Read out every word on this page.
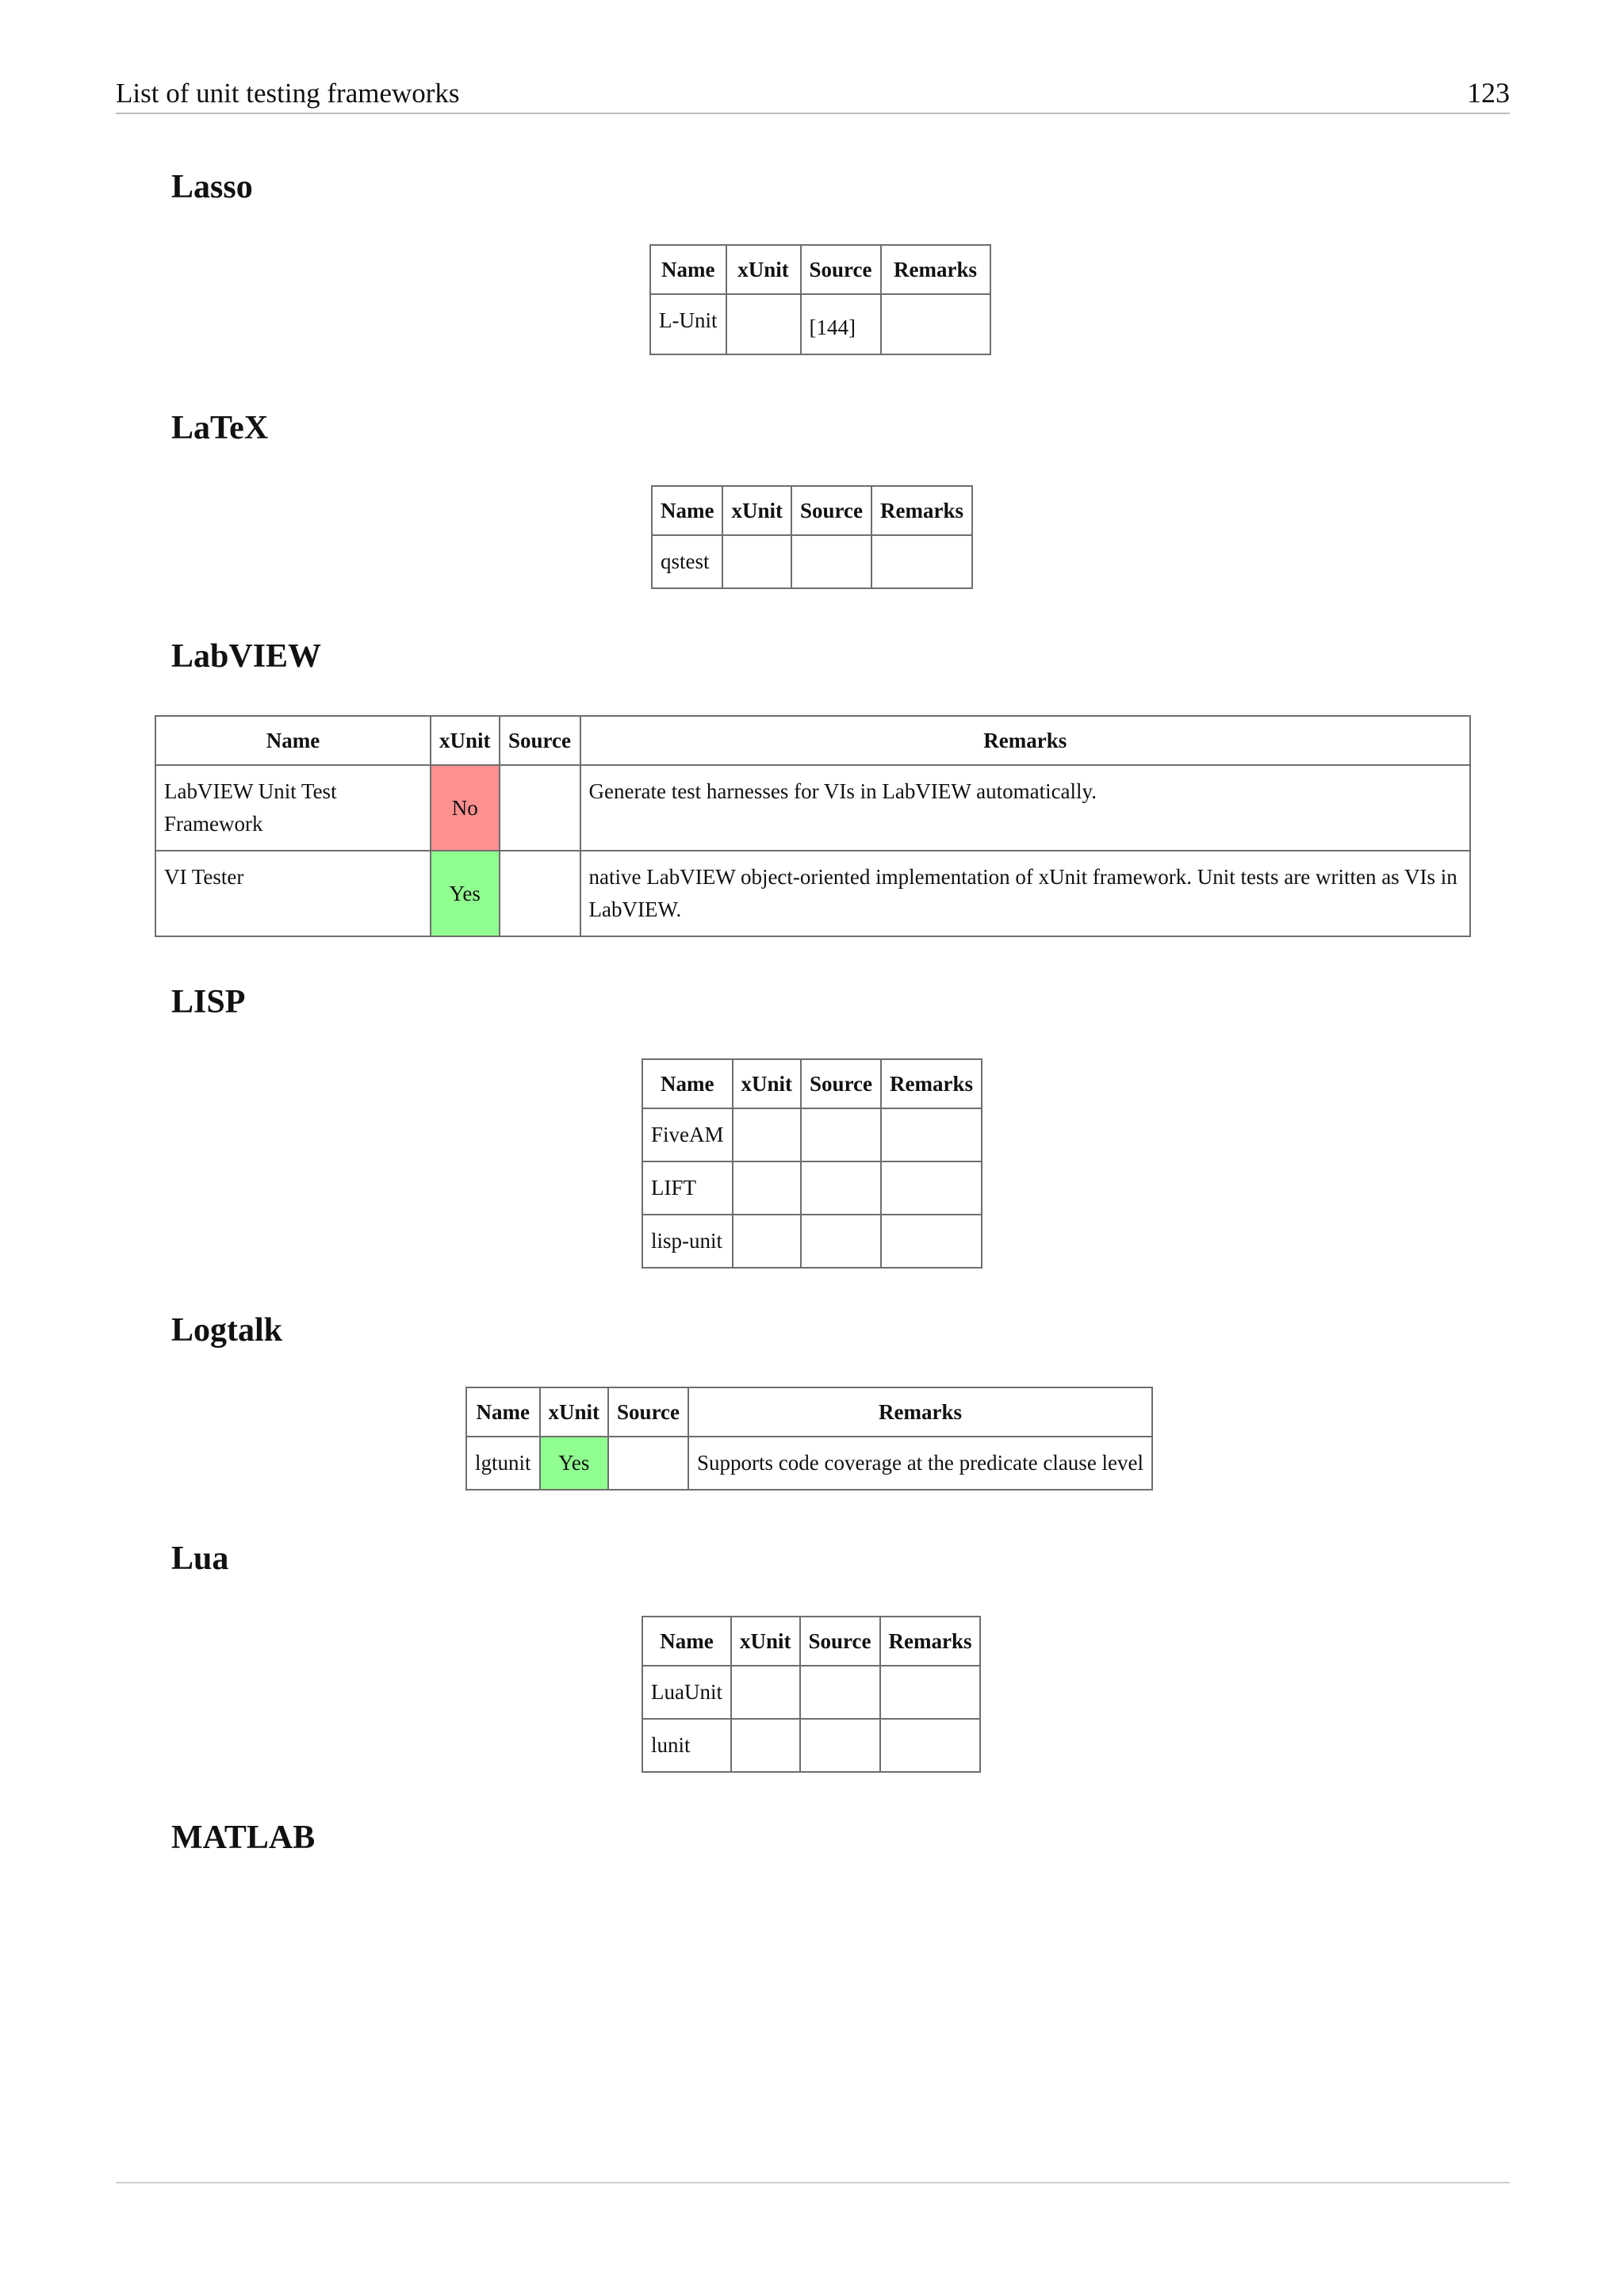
List of unit testing frameworks	123
Lasso
Name	xUnit	Source	Remarks
L-Unit		[144]	
LaTeX
Name	xUnit	Source	Remarks
qstest			
LabVIEW
Name	xUnit	Source	Remarks
LabVIEW Unit Test Framework	No		Generate test harnesses for VIs in LabVIEW automatically.
VI Tester	Yes		native LabVIEW object-oriented implementation of xUnit framework. Unit tests are written as VIs in LabVIEW.
LISP
Name	xUnit	Source	Remarks
FiveAM			
LIFT			
lisp-unit			
Logtalk
Name	xUnit	Source	Remarks
lgtunit	Yes		Supports code coverage at the predicate clause level
Lua
Name	xUnit	Source	Remarks
LuaUnit			
lunit			
MATLAB
